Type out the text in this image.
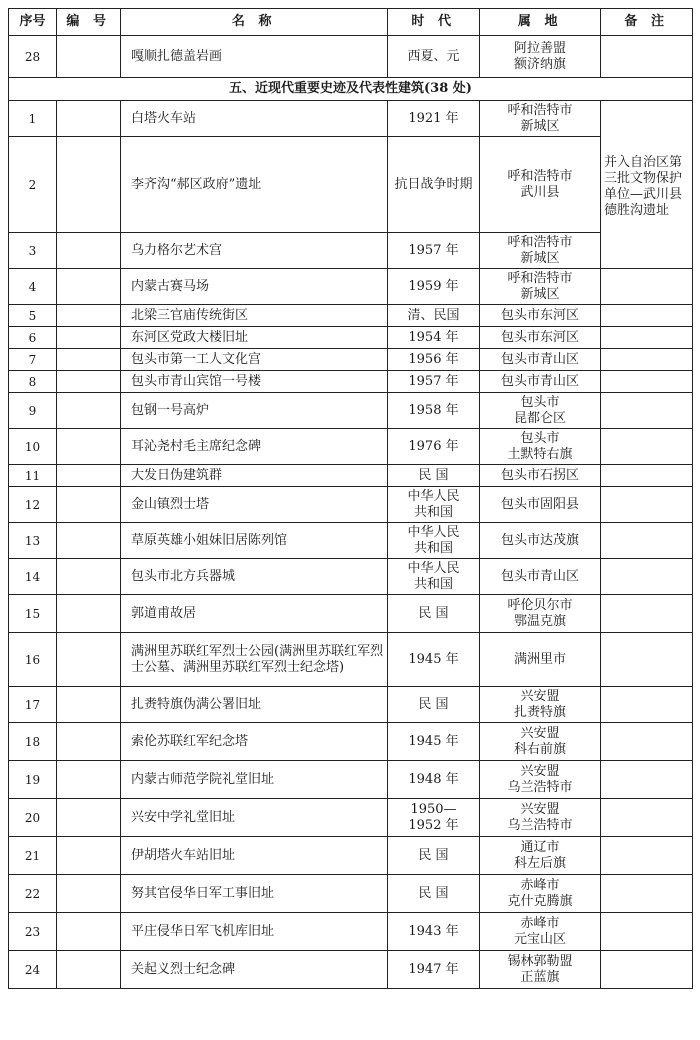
序号	编 号	名 称	时 代	属 地	备 注
28		嘎顺扎德盖岩画	西夏、元	阿拉善盟
额济纳旗	
五、近现代重要史迹及代表性建筑(38 处)					
1		白塔火车站	1921 年	呼和浩特市
新城区	并入自治区第三批文物保护单位—武川县德胜沟遗址
2		李齐沟“郝区政府”遗址	抗日战争时期	呼和浩特市
武川县	
3		乌力格尔艺术宫	1957 年	呼和浩特市
新城区	
4		内蒙古赛马场	1959 年	呼和浩特市
新城区	
5		北梁三官庙传统街区	清、民国	包头市东河区	
6		东河区党政大楼旧址	1954 年	包头市东河区	
7		包头市第一工人文化宫	1956 年	包头市青山区	
8		包头市青山宾馆一号楼	1957 年	包头市青山区	
9		包钢一号高炉	1958 年	包头市
昆都仑区	
10		耳沁尧村毛主席纪念碑	1976 年	包头市
土默特右旗	
11		大发日伪建筑群	民 国	包头市石拐区	
12		金山镇烈士塔	中华人民
共和国	包头市固阳县	
13		草原英雄小姐妹旧居陈列馆	中华人民
共和国	包头市达茂旗	
14		包头市北方兵器城	中华人民
共和国	包头市青山区	
15		郭道甫故居	民 国	呼伦贝尔市
鄂温克旗	
16		满洲里苏联红军烈士公园(满洲里苏联红军烈士公墓、满洲里苏联红军烈士纪念塔)	1945 年	满洲里市	
17		扎赉特旗伪满公署旧址	民 国	兴安盟
扎赉特旗	
18		索伦苏联红军纪念塔	1945 年	兴安盟
科右前旗	
19		内蒙古师范学院礼堂旧址	1948 年	兴安盟
乌兰浩特市	
20		兴安中学礼堂旧址	1950—
1952 年	兴安盟
乌兰浩特市	
21		伊胡塔火车站旧址	民 国	通辽市
科左后旗	
22		努其官侵华日军工事旧址	民 国	赤峰市
克什克腾旗	
23		平庄侵华日军飞机库旧址	1943 年	赤峰市
元宝山区	
24		关起义烈士纪念碑	1947 年	锡林郭勒盟
正蓝旗	
